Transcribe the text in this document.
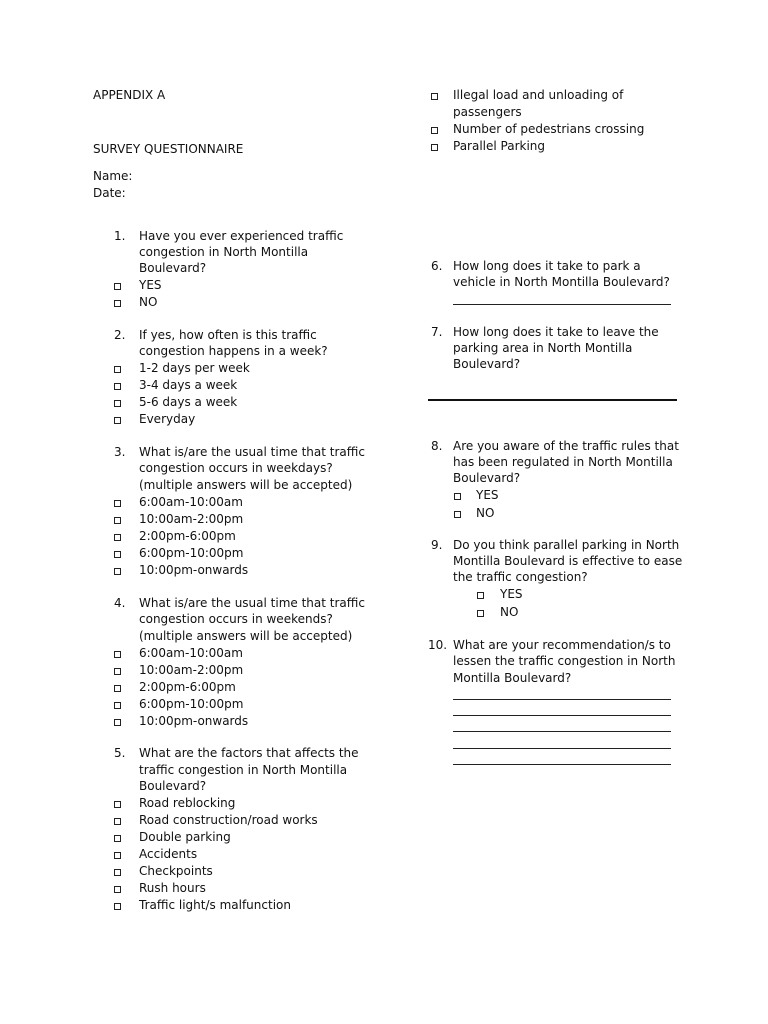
APPENDIX A
SURVEY QUESTIONNAIRE
Name:
Date:
1. Have you ever experienced traffic
congestion in North Montilla
Boulevard?
YES
NO
2. If yes, how often is this traffic
congestion happens in a week?
1-2 days per week
3-4 days a week
5-6 days a week
Everyday
3. What is/are the usual time that traffic
congestion occurs in weekdays?
(multiple answers will be accepted)
6:00am-10:00am
10:00am-2:00pm
2:00pm-6:00pm
6:00pm-10:00pm
10:00pm-onwards
4. What is/are the usual time that traffic
congestion occurs in weekends?
(multiple answers will be accepted)
6:00am-10:00am
10:00am-2:00pm
2:00pm-6:00pm
6:00pm-10:00pm
10:00pm-onwards
5. What are the factors that affects the
traffic congestion in North Montilla
Boulevard?
Road reblocking
Road construction/road works
Double parking
Accidents
Checkpoints
Rush hours
Traffic light/s malfunction
Illegal load and unloading of
passengers
Number of pedestrians crossing
Parallel Parking
6. How long does it take to park a
vehicle in North Montilla Boulevard?
7. How long does it take to leave the
parking area in North Montilla
Boulevard?
8. Are you aware of the traffic rules that
has been regulated in North Montilla
Boulevard?
YES
NO
9. Do you think parallel parking in North
Montilla Boulevard is effective to ease
the traffic congestion?
YES
NO
10. What are your recommendation/s to
lessen the traffic congestion in North
Montilla Boulevard?
